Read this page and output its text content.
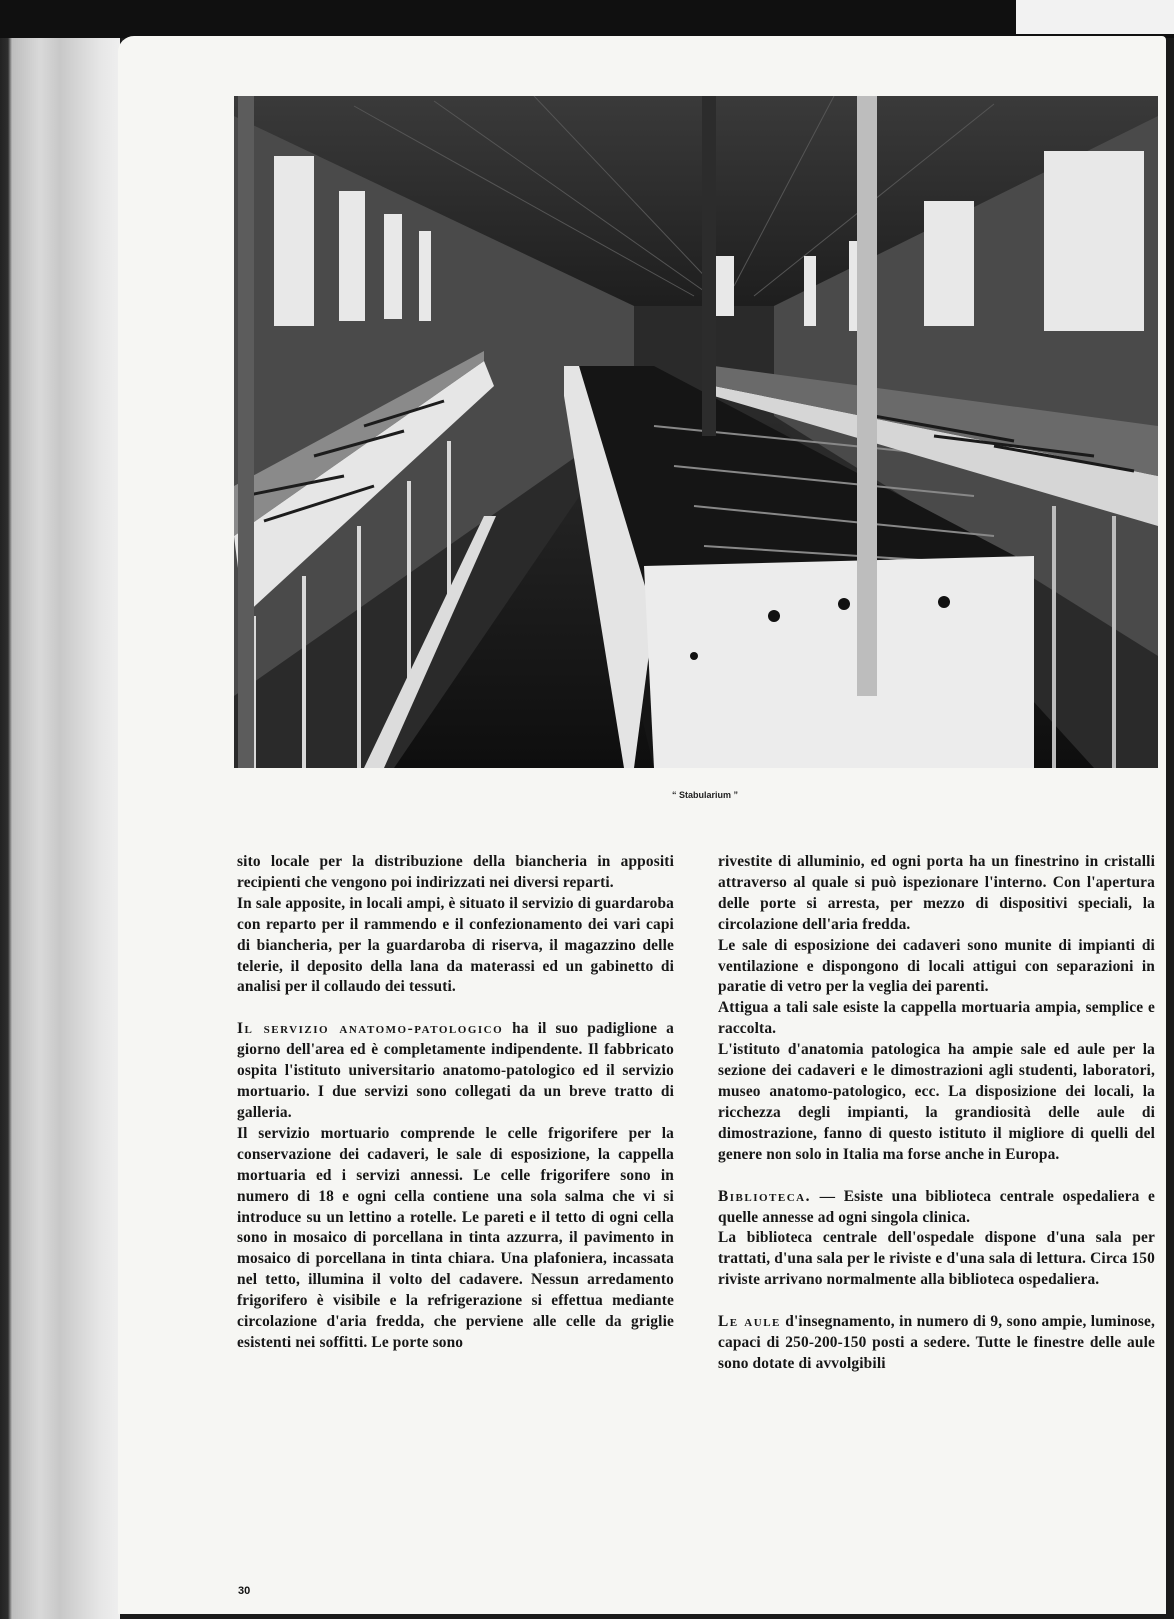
“ Stabularium ”

sito locale per la distribuzione della biancheria in appositi recipienti che vengono poi indirizzati nei diversi reparti.

In sale apposite, in locali ampi, è situato il servizio di guardaroba con reparto per il rammendo e il confezionamento dei vari capi di biancheria, per la guardaroba di riserva, il magazzino delle telerie, il deposito della lana da materassi ed un gabinetto di analisi per il collaudo dei tessuti.

Il servizio anatomo-patologico ha il suo padiglione a giorno dell'area ed è completamente indipendente. Il fabbricato ospita l'istituto universitario anatomo-patologico ed il servizio mortuario. I due servizi sono collegati da un breve tratto di galleria.

Il servizio mortuario comprende le celle frigorifere per la conservazione dei cadaveri, le sale di esposizione, la cappella mortuaria ed i servizi annessi. Le celle frigorifere sono in numero di 18 e ogni cella contiene una sola salma che vi si introduce su un lettino a rotelle. Le pareti e il tetto di ogni cella sono in mosaico di porcellana in tinta azzurra, il pavimento in mosaico di porcellana in tinta chiara. Una plafoniera, incassata nel tetto, illumina il volto del cadavere. Nessun arredamento frigorifero è visibile e la refrigerazione si effettua mediante circolazione d'aria fredda, che perviene alle celle da griglie esistenti nei soffitti. Le porte sono

rivestite di alluminio, ed ogni porta ha un finestrino in cristalli attraverso al quale si può ispezionare l'interno. Con l'apertura delle porte si arresta, per mezzo di dispositivi speciali, la circolazione dell'aria fredda.

Le sale di esposizione dei cadaveri sono munite di impianti di ventilazione e dispongono di locali attigui con separazioni in paratie di vetro per la veglia dei parenti.

Attigua a tali sale esiste la cappella mortuaria ampia, semplice e raccolta.

L'istituto d'anatomia patologica ha ampie sale ed aule per la sezione dei cadaveri e le dimostrazioni agli studenti, laboratori, museo anatomo-patologico, ecc. La disposizione dei locali, la ricchezza degli impianti, la grandiosità delle aule di dimostrazione, fanno di questo istituto il migliore di quelli del genere non solo in Italia ma forse anche in Europa.

Biblioteca. — Esiste una biblioteca centrale ospedaliera e quelle annesse ad ogni singola clinica.

La biblioteca centrale dell'ospedale dispone d'una sala per trattati, d'una sala per le riviste e d'una sala di lettura. Circa 150 riviste arrivano normalmente alla biblioteca ospedaliera.

Le aule d'insegnamento, in numero di 9, sono ampie, luminose, capaci di 250-200-150 posti a sedere. Tutte le finestre delle aule sono dotate di avvolgibili

30
